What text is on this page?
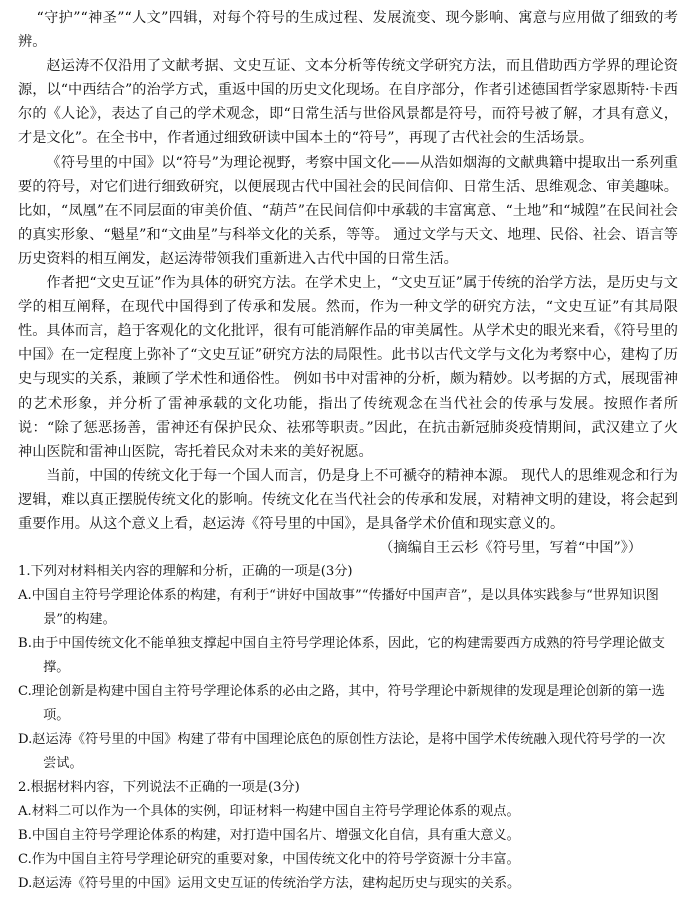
“守护”“神圣”“人文”四辑，对每个符号的生成过程、发展流变、现今影响、寓意与应用做了细致的考辨。

赵运涛不仅沿用了文献考据、文史互证、文本分析等传统文学研究方法，而且借助西方学界的理论资源，以“中西结合”的治学方式，重返中国的历史文化现场。在自序部分，作者引述德国哲学家恩斯特·卡西尔的《人论》，表达了自己的学术观念，即“日常生活与世俗风景都是符号，而符号被了解，才具有意义，才是文化”。在全书中，作者通过细致研读中国本土的“符号”，再现了古代社会的生活场景。

《符号里的中国》以“符号”为理论视野，考察中国文化——从浩如烟海的文献典籍中提取出一系列重要的符号，对它们进行细致研究，以便展现古代中国社会的民间信仰、日常生活、思维观念、审美趣味。 比如，“凤凰”在不同层面的审美价值、“葫芦”在民间信仰中承载的丰富寓意、“土地”和“城隍”在民间社会的真实形象、“魁星”和“文曲星”与科举文化的关系，等等。 通过文学与天文、地理、民俗、社会、语言等历史资料的相互阐发，赵运涛带领我们重新进入古代中国的日常生活。

作者把“文史互证”作为具体的研究方法。在学术史上，“文史互证”属于传统的治学方法，是历史与文学的相互阐释，在现代中国得到了传承和发展。然而，作为一种文学的研究方法，“文史互证”有其局限性。具体而言，趋于客观化的文化批评，很有可能消解作品的审美属性。从学术史的眼光来看，《符号里的中国》在一定程度上弥补了“文史互证”研究方法的局限性。此书以古代文学与文化为考察中心，建构了历史与现实的关系，兼顾了学术性和通俗性。 例如书中对雷神的分析，颇为精妙。以考据的方式，展现雷神的艺术形象，并分析了雷神承载的文化功能，指出了传统观念在当代社会的传承与发展。按照作者所说：“除了惩恶扬善，雷神还有保护民众、祛邪等职责。”因此，在抗击新冠肺炎疫情期间，武汉建立了火神山医院和雷神山医院，寄托着民众对未来的美好祝愿。

当前，中国的传统文化于每一个国人而言，仍是身上不可褫夺的精神本源。 现代人的思维观念和行为逻辑，难以真正摆脱传统文化的影响。传统文化在当代社会的传承和发展，对精神文明的建设，将会起到重要作用。从这个意义上看，赵运涛《符号里的中国》，是具备学术价值和现实意义的。

（摘编自王云杉《符号里，写着“中国”》）

1.下列对材料相关内容的理解和分析，正确的一项是(3分)

A.中国自主符号学理论体系的构建，有利于“讲好中国故事”“传播好中国声音”，是以具体实践参与“世界知识图景”的构建。

B.由于中国传统文化不能单独支撑起中国自主符号学理论体系，因此，它的构建需要西方成熟的符号学理论做支撑。

C.理论创新是构建中国自主符号学理论体系的必由之路，其中，符号学理论中新规律的发现是理论创新的第一选项。

D.赵运涛《符号里的中国》构建了带有中国理论底色的原创性方法论，是将中国学术传统融入现代符号学的一次尝试。

2.根据材料内容，下列说法不正确的一项是(3分)

A.材料二可以作为一个具体的实例，印证材料一构建中国自主符号学理论体系的观点。

B.中国自主符号学理论体系的构建，对打造中国名片、增强文化自信，具有重大意义。

C.作为中国自主符号学理论研究的重要对象，中国传统文化中的符号学资源十分丰富。

D.赵运涛《符号里的中国》运用文史互证的传统治学方法，建构起历史与现实的关系。
